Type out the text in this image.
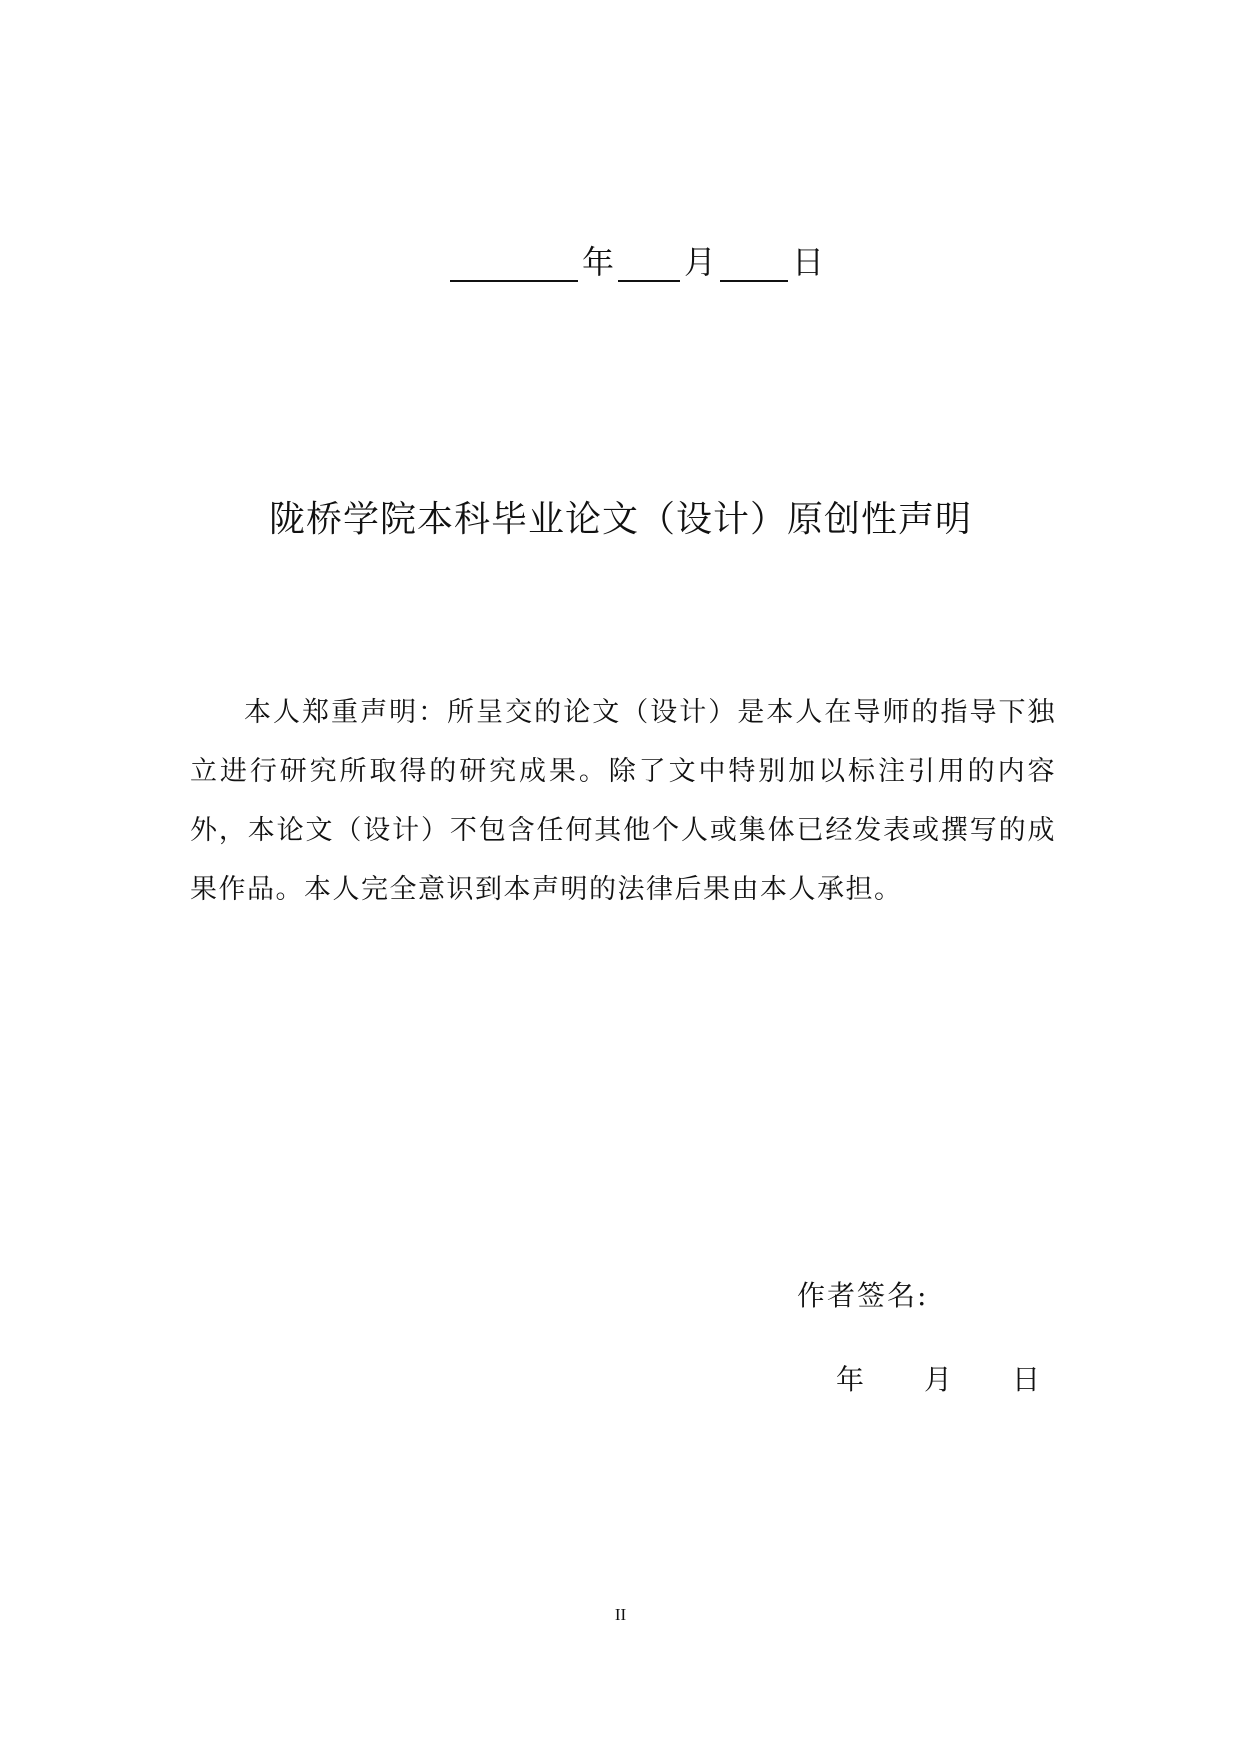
年 月 日
陇桥学院本科毕业论文（设计）原创性声明

本人郑重声明：所呈交的论文（设计）是本人在导师的指导下独立进行研究所取得的研究成果。除了文中特别加以标注引用的内容外，本论文（设计）不包含任何其他个人或集体已经发表或撰写的成果作品。本人完全意识到本声明的法律后果由本人承担。

作者签名:
年 月 日
II
